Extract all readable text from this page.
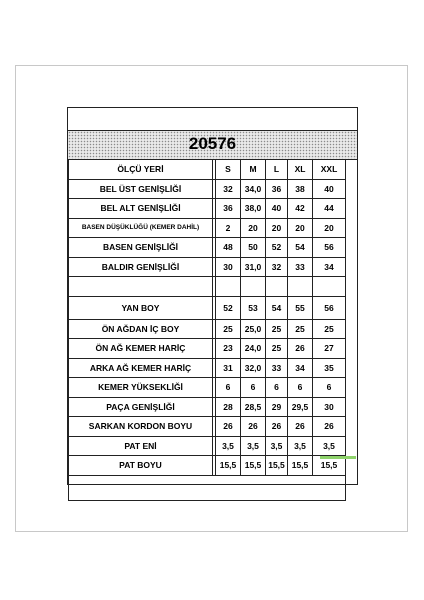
20576
ÖLÇÜ YERİ		S	M	L	XL	XXL
BEL ÜST GENİŞLİĞİ		32	34,0	36	38	40
BEL ALT GENİŞLİĞİ		36	38,0	40	42	44
BASEN DÜŞÜKLÜĞÜ (KEMER DAHİL)		2	20	20	20	20
BASEN GENİŞLİĞİ		48	50	52	54	56
BALDIR GENİŞLİĞİ		30	31,0	32	33	34

YAN BOY		52	53	54	55	56
ÖN AĞDAN İÇ BOY		25	25,0	25	25	25
ÖN AĞ KEMER HARİÇ		23	24,0	25	26	27
ARKA AĞ KEMER HARİÇ		31	32,0	33	34	35
KEMER YÜKSEKLİĞİ		6	6	6	6	6
PAÇA GENİŞLİĞİ		28	28,5	29	29,5	30
SARKAN KORDON BOYU		26	26	26	26	26
PAT ENİ		3,5	3,5	3,5	3,5	3,5
PAT BOYU		15,5	15,5	15,5	15,5	15,5
